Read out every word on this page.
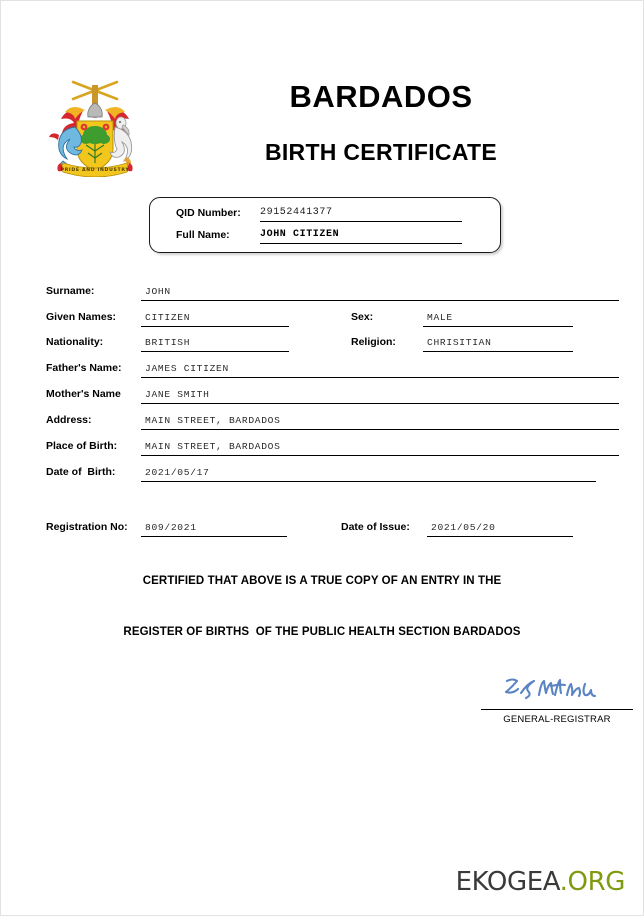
PRIDE AND INDUSTRY
BARDADOS
BIRTH CERTIFICATE
QID Number: 29152441377
Full Name:	JOHN CITIZEN
Surname:	JOHN
Given Names:	CITIZEN	Sex:	MALE
Nationality:	BRITISH	Religion:	CHRISITIAN
Father's Name:	JAMES CITIZEN
Mother's Name	JANE SMITH
Address:	MAIN STREET, BARDADOS
Place of Birth:	MAIN STREET, BARDADOS
Date of  Birth:	2021/05/17
Registration No:	809/2021	Date of Issue:	2021/05/20
CERTIFIED THAT ABOVE IS A TRUE COPY OF AN ENTRY IN THE
REGISTER OF BIRTHS  OF THE PUBLIC HEALTH SECTION BARDADOS
GENERAL-REGISTRAR
EKOGEA.ORG
